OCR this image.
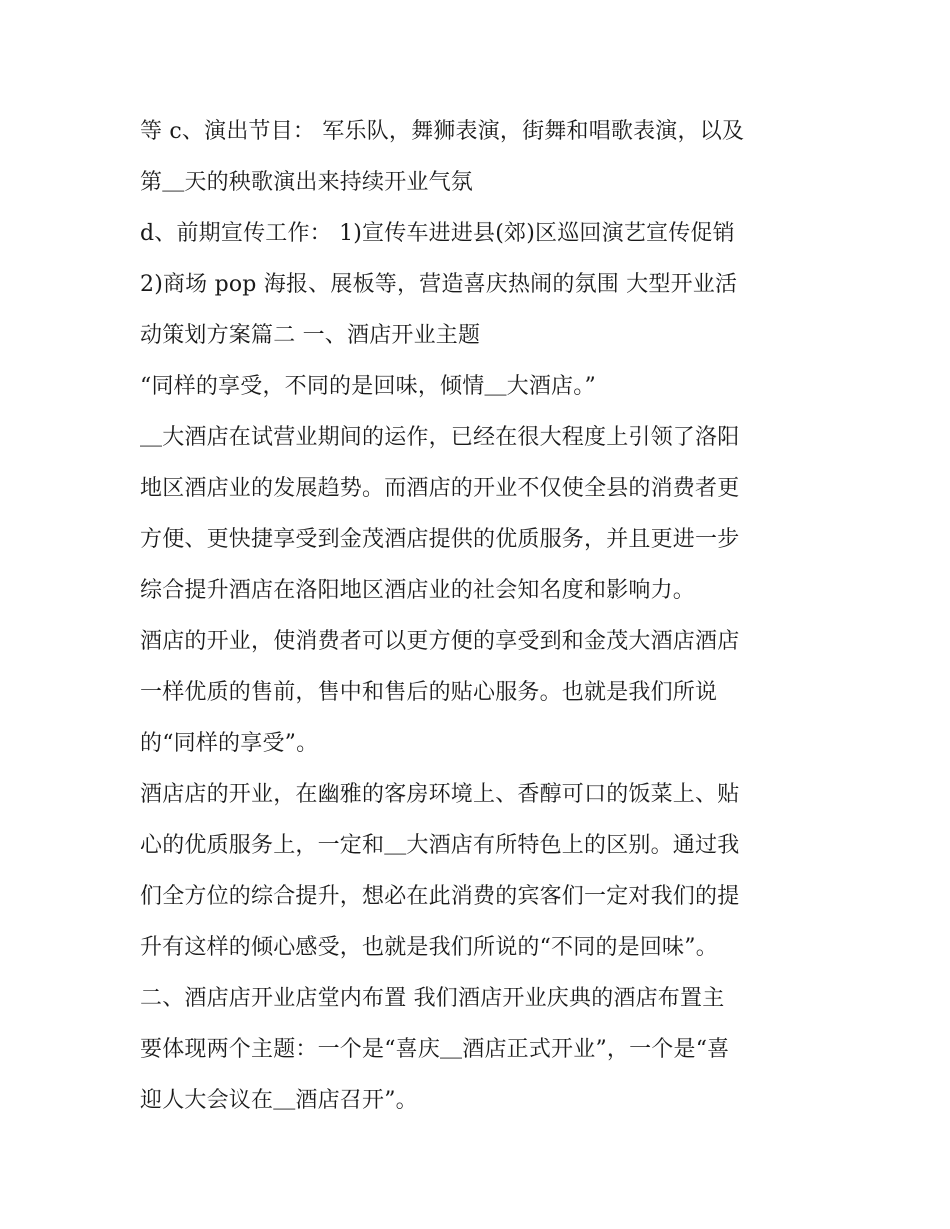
等 c、演出节目： 军乐队，舞狮表演，街舞和唱歌表演，以及
第＿天的秧歌演出来持续开业气氛
d、前期宣传工作： 1)宣传车进进县(郊)区巡回演艺宣传促销
2)商场 pop 海报、展板等，营造喜庆热闹的氛围 大型开业活
动策划方案篇二 一、酒店开业主题
“同样的享受，不同的是回味，倾情＿大酒店。”
＿大酒店在试营业期间的运作，已经在很大程度上引领了洛阳
地区酒店业的发展趋势。而酒店的开业不仅使全县的消费者更
方便、更快捷享受到金茂酒店提供的优质服务，并且更进一步
综合提升酒店在洛阳地区酒店业的社会知名度和影响力。
酒店的开业，使消费者可以更方便的享受到和金茂大酒店酒店
一样优质的售前，售中和售后的贴心服务。也就是我们所说
的“同样的享受”。
酒店店的开业，在幽雅的客房环境上、香醇可口的饭菜上、贴
心的优质服务上，一定和＿大酒店有所特色上的区别。通过我
们全方位的综合提升，想必在此消费的宾客们一定对我们的提
升有这样的倾心感受，也就是我们所说的“不同的是回味”。
二、酒店店开业店堂内布置 我们酒店开业庆典的酒店布置主
要体现两个主题：一个是“喜庆＿酒店正式开业”，一个是“喜
迎人大会议在＿酒店召开”。
